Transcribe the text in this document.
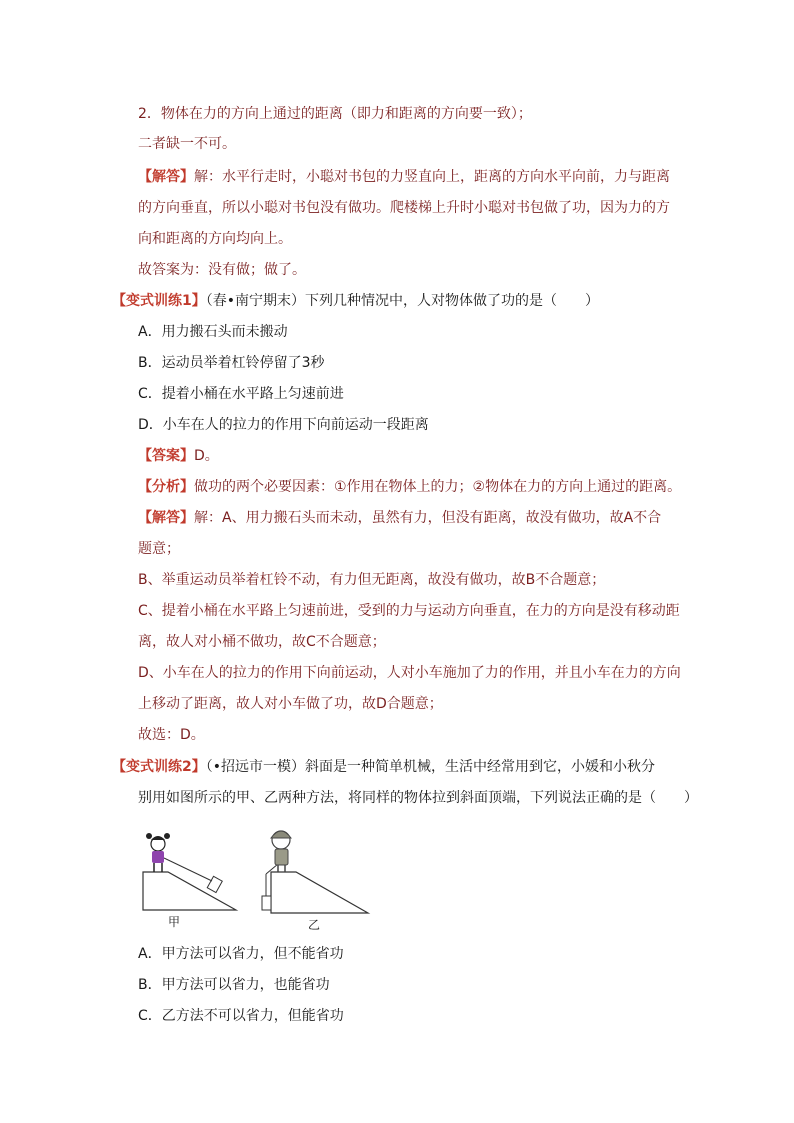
2．物体在力的方向上通过的距离（即力和距离的方向要一致）；
二者缺一不可。
【解答】解：水平行走时，小聪对书包的力竖直向上，距离的方向水平向前，力与距离
的方向垂直，所以小聪对书包没有做功。爬楼梯上升时小聪对书包做了功，因为力的方
向和距离的方向均向上。
故答案为：没有做；做了。
【变式训练1】（春•南宁期末）下列几种情况中，人对物体做了功的是（　　）
A．用力搬石头而未搬动
B．运动员举着杠铃停留了3秒
C．提着小桶在水平路上匀速前进
D．小车在人的拉力的作用下向前运动一段距离
【答案】D。
【分析】做功的两个必要因素：①作用在物体上的力；②物体在力的方向上通过的距离。
【解答】解：A、用力搬石头而未动，虽然有力，但没有距离，故没有做功，故A不合
题意；
B、举重运动员举着杠铃不动，有力但无距离，故没有做功，故B不合题意；
C、提着小桶在水平路上匀速前进，受到的力与运动方向垂直，在力的方向是没有移动距
离，故人对小桶不做功，故C不合题意；
D、小车在人的拉力的作用下向前运动，人对小车施加了力的作用，并且小车在力的方向
上移动了距离，故人对小车做了功，故D合题意；
故选：D。
【变式训练2】（•招远市一模）斜面是一种简单机械，生活中经常用到它，小媛和小秋分
别用如图所示的甲、乙两种方法，将同样的物体拉到斜面顶端，下列说法正确的是（　　）
A．甲方法可以省力，但不能省功
B．甲方法可以省力，也能省功
C．乙方法不可以省力，但能省功
甲	乙
